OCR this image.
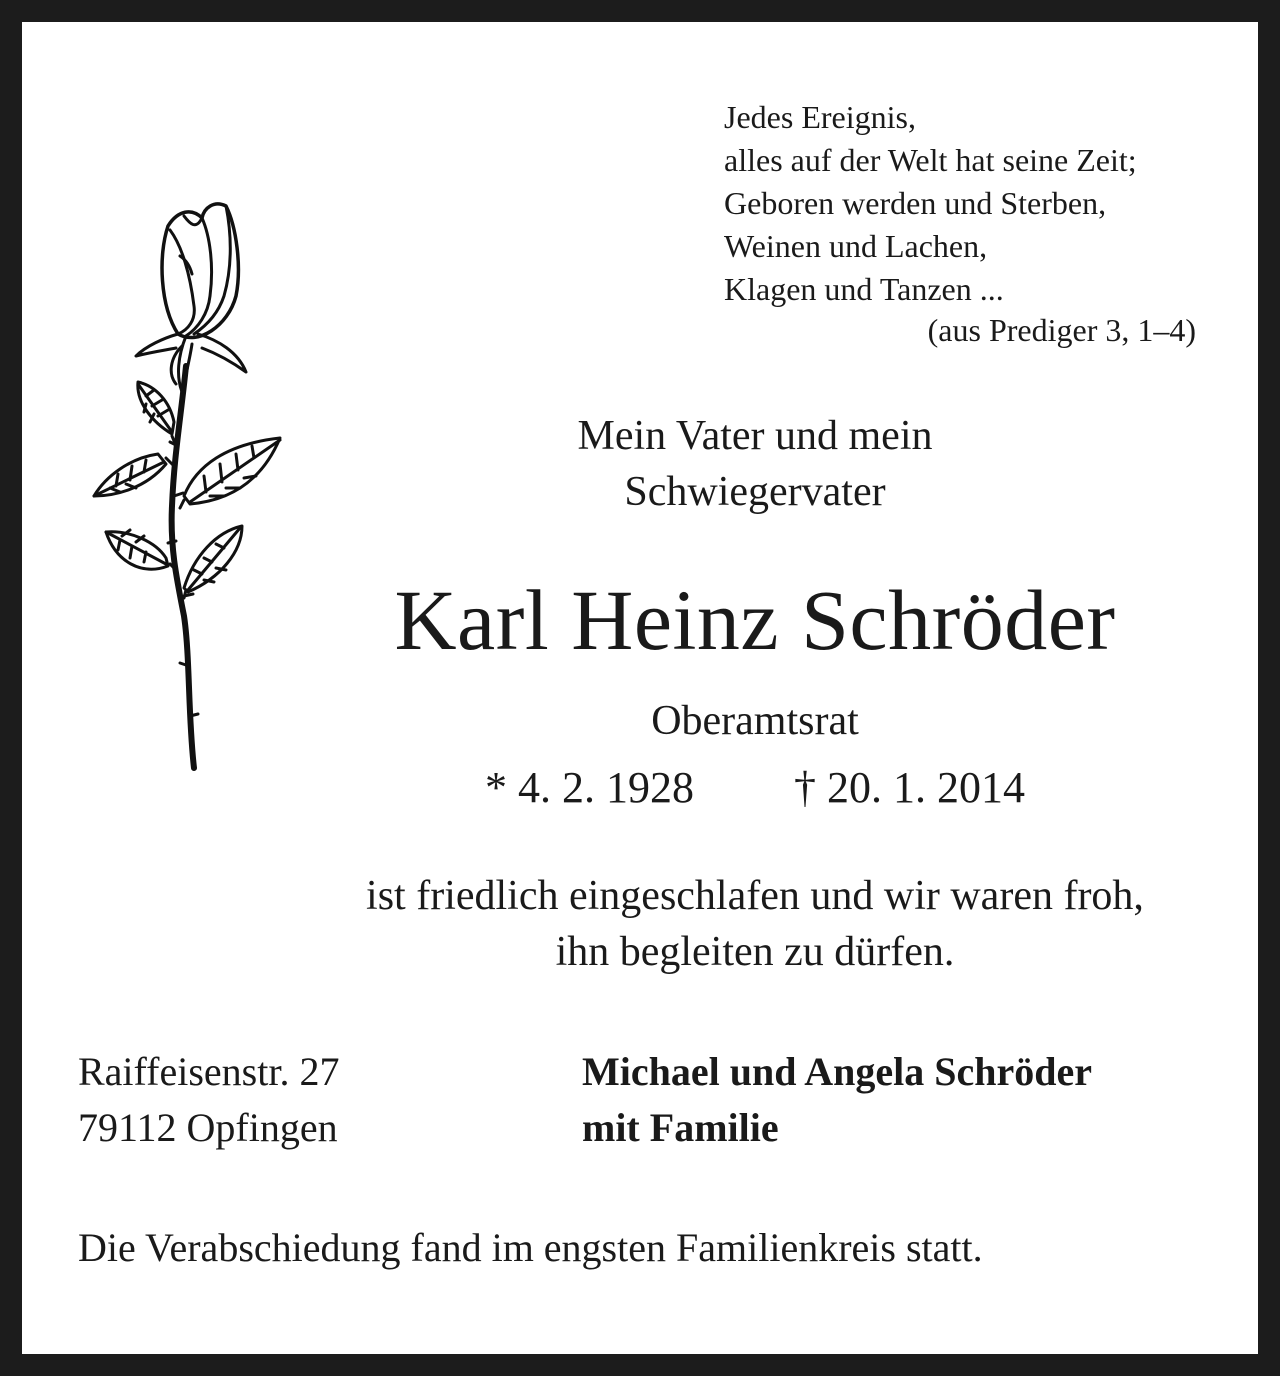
Jedes Ereignis,
alles auf der Welt hat seine Zeit;
Geboren werden und Sterben,
Weinen und Lachen,
Klagen und Tanzen ...
(aus Prediger 3, 1–4)
Mein Vater und mein
Schwiegervater
Karl Heinz Schröder
Oberamtsrat
* 4. 2. 1928 † 20. 1. 2014
ist friedlich eingeschlafen und wir waren froh,
ihn begleiten zu dürfen.
Raiffeisenstr. 27
79112 Opfingen
Michael und Angela Schröder
mit Familie
Die Verabschiedung fand im engsten Familienkreis statt.
